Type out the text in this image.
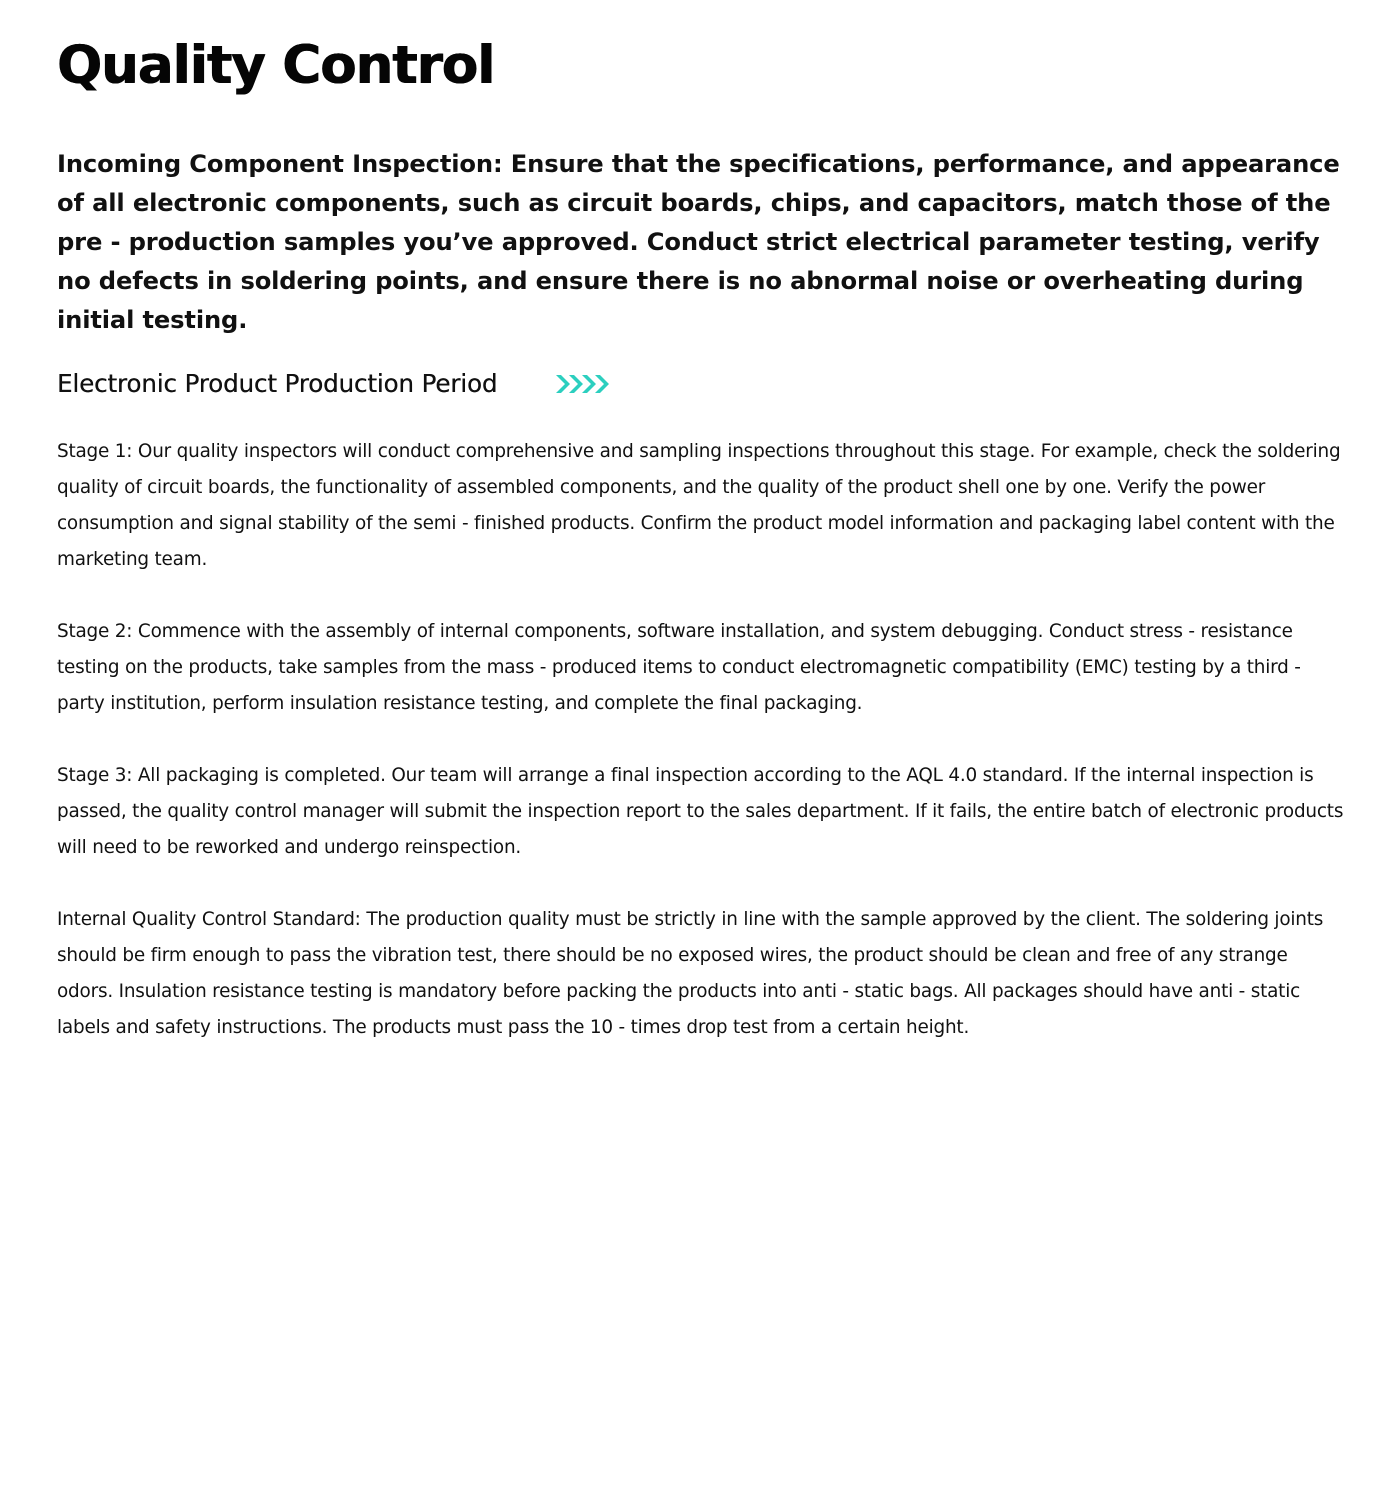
Quality Control

Incoming Component Inspection: Ensure that the specifications, performance, and appearance of all electronic components, such as circuit boards, chips, and capacitors, match those of the pre - production samples you’ve approved. Conduct strict electrical parameter testing, verify no defects in soldering points, and ensure there is no abnormal noise or overheating during initial testing.

Electronic Product Production Period

Stage 1: Our quality inspectors will conduct comprehensive and sampling inspections throughout this stage. For example, check the soldering quality of circuit boards, the functionality of assembled components, and the quality of the product shell one by one. Verify the power consumption and signal stability of the semi - finished products. Confirm the product model information and packaging label content with the marketing team.

Stage 2: Commence with the assembly of internal components, software installation, and system debugging. Conduct stress - resistance testing on the products, take samples from the mass - produced items to conduct electromagnetic compatibility (EMC) testing by a third - party institution, perform insulation resistance testing, and complete the final packaging.

Stage 3: All packaging is completed. Our team will arrange a final inspection according to the AQL 4.0 standard. If the internal inspection is passed, the quality control manager will submit the inspection report to the sales department. If it fails, the entire batch of electronic products will need to be reworked and undergo reinspection.

Internal Quality Control Standard: The production quality must be strictly in line with the sample approved by the client. The soldering joints should be firm enough to pass the vibration test, there should be no exposed wires, the product should be clean and free of any strange odors. Insulation resistance testing is mandatory before packing the products into anti - static bags. All packages should have anti - static labels and safety instructions. The products must pass the 10 - times drop test from a certain height.
